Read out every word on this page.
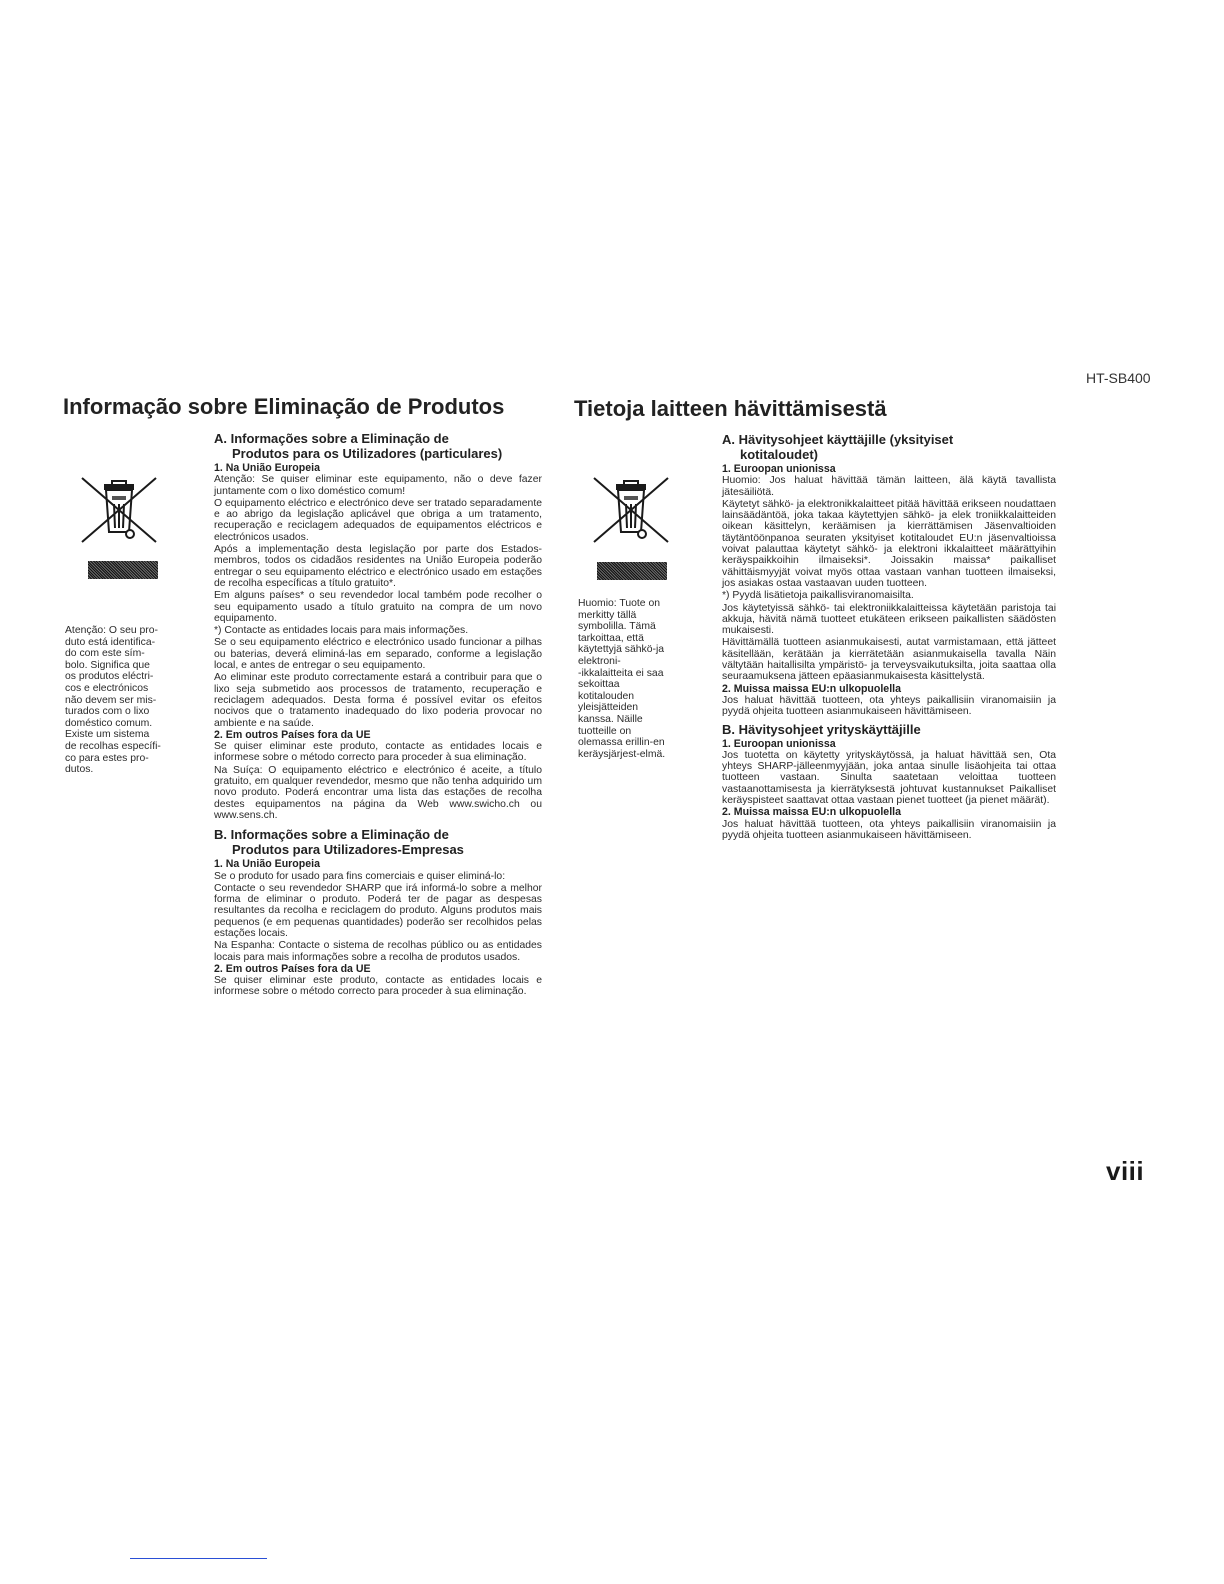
HT-SB400
Informação sobre Eliminação de Produtos
Atenção: O seu pro-
duto está identifica-
do com este sím-
bolo. Significa que
os produtos eléctri-
cos e electrónicos
não devem ser mis-
turados com o lixo
doméstico comum.
Existe um sistema
de recolhas específi-
co para estes pro-
dutos.
A. Informações sobre a Eliminação de
Produtos para os Utilizadores (particulares)
1. Na União Europeia

Atenção: Se quiser eliminar este equipamento, não o deve fazer juntamente com o lixo doméstico comum!

O equipamento eléctrico e electrónico deve ser tratado separadamente e ao abrigo da legislação aplicável que obriga a um tratamento, recuperação e reciclagem adequados de equipamentos eléctricos e electrónicos usados.

Após a implementação desta legislação por parte dos Estados-membros, todos os cidadãos residentes na União Europeia poderão entregar o seu equipamento eléctrico e electrónico usado em estações de recolha específicas a título gratuito*.

Em alguns países* o seu revendedor local também pode recolher o seu equipamento usado a título gratuito na compra de um novo equipamento.

*) Contacte as entidades locais para mais informações.

Se o seu equipamento eléctrico e electrónico usado funcionar a pilhas ou baterias, deverá eliminá-las em separado, conforme a legislação local, e antes de entregar o seu equipamento.

Ao eliminar este produto correctamente estará a contribuir para que o lixo seja submetido aos processos de tratamento, recuperação e reciclagem adequados. Desta forma é possível evitar os efeitos nocivos que o tratamento inadequado do lixo poderia provocar no ambiente e na saúde.

2. Em outros Países fora da UE

Se quiser eliminar este produto, contacte as entidades locais e informese sobre o método correcto para proceder à sua eliminação.

Na Suíça: O equipamento eléctrico e electrónico é aceite, a título gratuito, em qualquer revendedor, mesmo que não tenha adquirido um novo produto. Poderá encontrar uma lista das estações de recolha destes equipamentos na página da Web www.swicho.ch ou www.sens.ch.

B. Informações sobre a Eliminação de
Produtos para Utilizadores-Empresas
1. Na União Europeia

Se o produto for usado para fins comerciais e quiser eliminá-lo:

Contacte o seu revendedor SHARP que irá informá-lo sobre a melhor forma de eliminar o produto. Poderá ter de pagar as despesas resultantes da recolha e reciclagem do produto. Alguns produtos mais pequenos (e em pequenas quantidades) poderão ser recolhidos pelas estações locais.

Na Espanha: Contacte o sistema de recolhas público ou as entidades locais para mais informações sobre a recolha de produtos usados.

2. Em outros Países fora da UE

Se quiser eliminar este produto, contacte as entidades locais e informese sobre o método correcto para proceder à sua eliminação.

Tietoja laitteen hävittämisestä
Huomio: Tuote on
merkitty tällä
symbolilla. Tämä
tarkoittaa, että
käytettyjä sähkö-ja
elektroni-
-ikkalaitteita ei saa
sekoittaa
kotitalouden
yleisjätteiden
kanssa. Näille
tuotteille on
olemassa erillin-en
keräysjärjest-elmä.
A. Hävitysohjeet käyttäjille (yksityiset
kotitaloudet)
1. Euroopan unionissa

Huomio: Jos haluat hävittää tämän laitteen, älä käytä tavallista jätesäiliötä.

Käytetyt sähkö- ja elektronikkalaitteet pitää hävittää erikseen noudattaen lainsäädäntöä, joka takaa käytettyjen sähkö- ja elek troniikkalaitteiden oikean käsittelyn, keräämisen ja kierrättämisen Jäsenvaltioiden täytäntöönpanoa seuraten yksityiset kotitaloudet EU:n jäsenvaltioissa voivat palauttaa käytetyt sähkö- ja elektroni ikkalaitteet määrättyihin keräyspaikkoihin ilmaiseksi*. Joissakin maissa* paikalliset vähittäismyyjät voivat myös ottaa vastaan vanhan tuotteen ilmaiseksi, jos asiakas ostaa vastaavan uuden tuotteen.

*) Pyydä lisätietoja paikallisviranomaisilta.

Jos käytetyissä sähkö- tai elektroniikkalaitteissa käytetään paristoja tai akkuja, hävitä nämä tuotteet etukäteen erikseen paikallisten säädösten mukaisesti.

Hävittämällä tuotteen asianmukaisesti, autat varmistamaan, että jätteet käsitellään, kerätään ja kierrätetään asianmukaisella tavalla Näin vältytään haitallisilta ympäristö- ja terveysvaikutuksilta, joita saattaa olla seuraamuksena jätteen epäasianmukaisesta käsittelystä.

2. Muissa maissa EU:n ulkopuolella

Jos haluat hävittää tuotteen, ota yhteys paikallisiin viranomaisiin ja pyydä ohjeita tuotteen asianmukaiseen hävittämiseen.

B. Hävitysohjeet yrityskäyttäjille
1. Euroopan unionissa

Jos tuotetta on käytetty yrityskäytössä, ja haluat hävittää sen, Ota yhteys SHARP-jälleenmyyjään, joka antaa sinulle lisäohjeita tai ottaa tuotteen vastaan. Sinulta saatetaan veloittaa tuotteen vastaanottamisesta ja kierrätyksestä johtuvat kustannukset Paikalliset keräyspisteet saattavat ottaa vastaan pienet tuotteet (ja pienet määrät).

2. Muissa maissa EU:n ulkopuolella

Jos haluat hävittää tuotteen, ota yhteys paikallisiin viranomaisiin ja pyydä ohjeita tuotteen asianmukaiseen hävittämiseen.

viii
